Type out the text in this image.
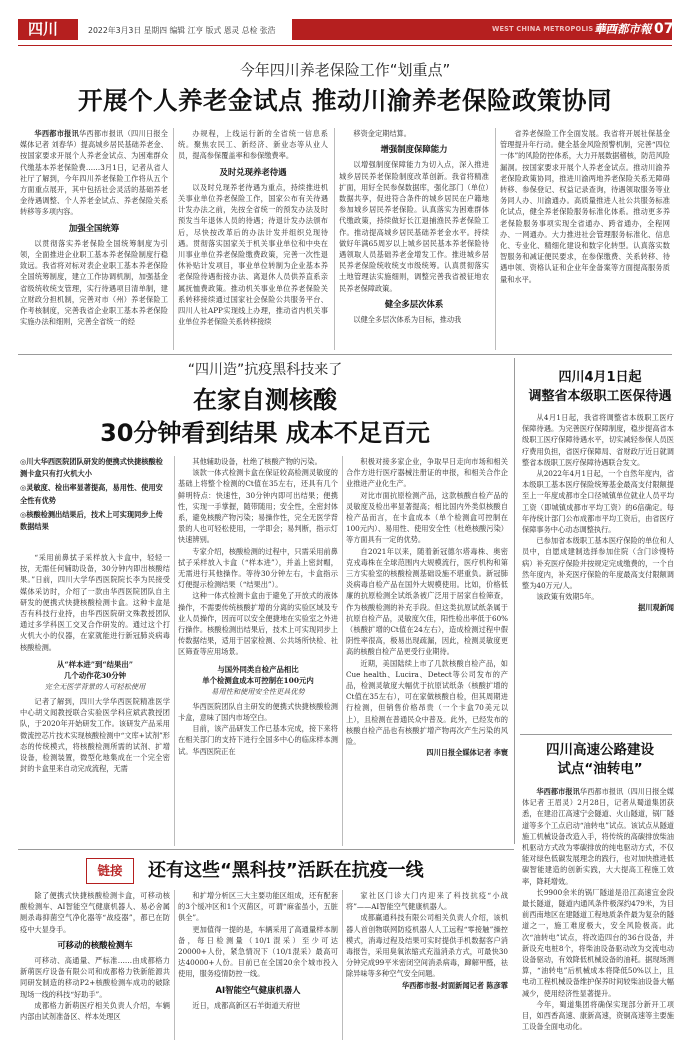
四川	2022年3月3日 星期四 编辑 江亨 版式 恩灵 总检 张浩	WEST CHINA METROPOLIS DAILY
華西都市報 07
今年四川养老保险工作“划重点”
开展个人养老金试点 推动川渝养老保险政策协同

华西都市报讯华西都市报讯（四川日报全媒体记者 刘春华）提高城乡居民基础养老金、按国家要求开展个人养老金试点、为困难群众代缴基本养老保险费……3月1日，记者从省人社厅了解到，今年四川养老保险工作将从五个方面重点展开，其中包括社会灵活的基础养老金待遇调整、个人养老金试点、养老保险关系转移等多项内容。

加强全国统筹

以贯彻落实养老保险全国统筹制度为引领，全面推进企业职工基本养老保险制度行稳致远。我省将对标对表企业职工基本养老保险全国统筹制度，建立工作协调机制，加强基金省级统收统支管理，实行待遇项目清单制，建立财政分担机制，完善对市（州）养老保险工作考核制度，完善我省企业职工基本养老保险实施办法和细则，完善全省统一的经

办规程，上线运行新的全省统一信息系统。聚焦农民工、新经济、新业态等从业人员，提高参保覆盖率和参保缴费率。

及时兑现养老待遇

以及时兑现养老待遇为重点，持续推进机关事业单位养老保险工作，国家公布有关待遇计发办法之前，先按全省统一的预发办法及时预发当年退休人员的待遇；待退计发办法颁布后，尽快按改革后的办法计发并组织兑现待遇。贯彻落实国家关于机关事业单位和中央在川事业单位养老保险缴费政策，完善一次性退休补贴计发项目，事业单位转制为企业基本养老保险待遇衔接办法、离退休人员供养直系亲属抚恤费政策。推动机关事业单位养老保险关系转移接续通过国家社会保险公共服务平台、四川人社APP实现线上办理，推动省内机关事业单位养老保险关系转移接续

移资金定期结算。

增强制度保障能力

以增强制度保障能力为切入点，深入推进城乡居民养老保险制度改革创新。我省将精准扩面，用好全民参保数据库，强化部门（单位）数据共享，促进符合条件的城乡居民在户籍地参加城乡居民养老保险。认真落实为困难群体代缴政策，持续做好长江退捕渔民养老保险工作。推动提高城乡居民基础养老金水平。持续做好年满65周岁以上城乡居民基本养老保险待遇领取人员基础养老金增发工作。推进城乡居民养老保险统收统支市级统筹。认真贯彻落实土地管理法实施细则，调整完善我省被征地农民养老保障政策。

健全多层次体系

以健全多层次体系为目标，推动我

省养老保险工作全面发展。我省将开展社保基金管理提升年行动。健全基金风险预警机制，完善“四位一体”的风险防控体系，大力开展数据稽核，防范风险漏洞。按国家要求开展个人养老金试点。推动川渝养老保险政策协同，推进川渝两地养老保险关系无障碍转移、参保登记、权益记录查询，待遇领取服务等业务同人办、川渝通办。高质量推进人社公共服务标准化试点，健全养老保险服务标准化体系。推动更多养老保险服务事项实现全省通办、跨省通办，全程网办、一网通办。大力推进社会管理服务标准化、信息化、专业化、精细化建设和数字化转型。认真落实数智服务和减证便民要求，在参保缴费、关系转移、待遇申领、资格认证和企业年金备案等方面提高服务质量和水平。

“四川造”抗疫黑科技来了
在家自测核酸
30分钟看到结果 成本不足百元
◎川大华西医院团队研发的便携式快捷核酸检测卡盒只有打火机大小
◎灵敏度、检出率显著提高，易用性、使用安全性有优势
◎核酸检测出结果后，技术上可实现同步上传数据结果

“采用前鼻拭子采样放入卡盒中，轻轻一按，无需任何辅助设备，30分钟内即出核酸结果。”日前，四川大学华西医院院长李为民接受媒体采访时，介绍了一款由华西医院团队自主研发的便携式快捷核酸检测卡盒。这种卡盒是否有科技行业持，由华西医院研文殊教授团队通过多学科医工交叉合作研发的。通过这个打火机大小的仪器，在家就能进行新冠肺炎病毒核酸检测。

从“样本进”到“结果出”
几个动作花30分钟
完全无医学背景的人可轻松使用

记者了解到，四川大学华西医院精准医学中心胡文闻教授联合实验医学科应斌武教授团队，于2020年开始研发工作。该研发产品采用微流控芯片技术实现核酸检测中“文库+试剂”形态的传统模式，将核酸检测所需的试剂、扩增设备，检测装置，微型化地集成在一个完全密封的卡盒里来自动完成流程，无需

其他辅助设备，杜绝了核酸产物的污染。

该款一体式检测卡盒在保证较高检测灵敏度的基础上将整个检测的Ct值在35左右，还具有几个鲜明特点：快速性，30分钟内即可出结果；便携性，实现一手掌握，随带随用；安全性，全密封体系，避免核酸产物污染；易操作性，完全无医学背景的人也可轻松使用，一学即会；易判断，指示灯快速辨别。

专家介绍，核酸检测的过程中，只需采用前鼻拭子采样放入卡盒（“样本进”），并盖上密封帽，无需进行其他操作。等待30分钟左右，卡盒指示灯便提示检测结果（“结果出”）。

这种一体式检测卡盒由于避免了开放式的液体操作，不需要传统核酸扩增的分离的实验区域及专业人员操作，因而可以安全便捷地在实验室之外进行操作。核酸检测出结果后，技术上可实现同步上传数据结果，适用于居家检测、公共场所快检、社区筛查等应用场景。

与国外同类自检产品相比
单个检测盒成本可控制在100元内
易用性和使用安全性更具优势

华西医院团队自主研发的便携式快捷核酸检测卡盒，意味了国内市场空白。

目前，该产品研发工作已基本完成，接下来将在相关部门的支持下进行全国多中心的临床样本测试。华西医院正在

积极对接多家企业，争取早日走向市场和相关合作方进行医疗器械注册证的申报，和相关合作企业推进产业化生产。

对比市面抗原检测产品，这款核酸自检产品的灵敏度及检出率显著提高；相比国内外类似核酸自检产品而言，在卡盒成本（单个检测盒可控制在100元内）、易用性、使用安全性（杜绝核酸污染）等方面具有一定的优势。

自2021年以来，随着新冠德尔塔毒株、奥密克戎毒株在全球范围内大规模流行，医疗机构和第三方实验室的核酸检测基础设施不堪重负。新冠肺炎病毒自检产品在国外大规模使用。比如，价格低廉的抗原检测全试纸条被广泛用于居家自检筛查，作为核酸检测的补充手段。但这类抗原试纸条属于抗原自检产品，灵敏度欠佳，阳性检出率低于60%（核酸扩增的Ct值在24左右），造成检测过程中假阴性率很高，极易出现疏漏，因此，检测灵敏度更高的核酸自检产品更受行业期待。

近期，美国陆续上市了几款核酸自检产品，如Cue health、Lucira、Detect等公司发布的产品，检测灵敏度大幅优于抗原试纸条（核酸扩增的Ct值在35左右），可在家做核酸自检，但其周期进行检测，但销售价格昂贵（一个卡盒70美元以上），且检测在普通民众中普及。此外，已经发布的核酸自检产品也有核酸扩增产物再次产生污染的风险。

四川日报全媒体记者 李寰
四川4月1日起
调整省本级职工医保待遇

从4月1日起，我省将调整省本级职工医疗保障待遇。为完善医疗保障制度，稳步提高省本级职工医疗保障待遇水平，切实减轻参保人员医疗费用负担，省医疗保障局、省财政厅近日就调整省本级职工医疗保障待遇联合发文。

从2022年4月1日起，一个自然年度内，省本级职工基本医疗保险统筹基金最高支付限额提至上一年度成都市全口径城镇单位就业人员平均工资（即城镇成都市平均工资）的6倍确定。每年待统计部门公布成都市平均工资后，由省医疗保障事务中心动态调整执行。

已参加省本级职工基本医疗保险的单位和人员中，自愿成建制选择参加住院（含门诊慢特病）补充医疗保险并按规定完成缴费的，一个自然年度内，补充医疗保险的年度最高支付限额调整为40万元/人。

该政策有效期5年。

据川观新闻
四川高速公路建设
试点“油转电”

华西都市报讯华西都市报讯（四川日报全媒体记者 王眉灵）2月28日，记者从蜀道集团获悉，在建沿江高速宁会隧道、火山隧道，锅厂隧道等多个工点启动“油转电”试点。该试点从隧道施工机械设备改造入手，将传统的高碳排放柴油机驱动方式改为零碳排放的纯电驱动方式，不仅能对绿色低碳发展理念的践行，也对加快推进低碳智能建造的创新实践，大大提高工程施工效率，降耗增效。

长9900余米的锅厂隧道是沿江高速宜金段最长隧道，隧道内通风条件极深约479米，为目前西南地区在建隧道工程地质条件最为复杂的隧道之一，施工难度极大，安全风险极高。此次“油转电”试点，将改造四台的36台设备，并新设充电桩8个，将柴油设备驱动改为交流电动设备驱动，有效降低机械设备的油耗。据现场测算，“油转电”后机械成本将降低50%以上，且电动工程机械设备维护保养时间较柴油设备大幅减少，使用经济性显著提升。

今年，蜀道集团将确保实现部分新开工项目，如西香高速、康新高速，资铜高速等主要施工设备全面电动化。

链接	还有这些“黑科技”活跃在抗疫一线

除了便携式快捷核酸检测卡盒，可移动核酸检测车、AI智能空气健康机器人、易必舍属厕杀毒抑菌空气净化器等“战疫器”，都已在防疫中大显身手。

可移动的核酸检测车

可移动、高通量、严标准……由成都格力新萌医疗设备有限公司和成都格力铁新能源共同研发制造的移动P2+核酸检测车成功的破除现场一线的科技“好助手”。

成都格力新萌医疗相关负责人介绍，车辆内部由试剂准备区、样本处理区

和扩增分析区三大主要功能区组成，还有配套的3个缓冲区和1个灭菌区，可谓“麻雀虽小，五脏俱全”。

更加值得一提的是，车辆采用了高通量样本制备，每日检测量（10/1混采）至少可达20000+人份，紧急情况下（10/1混采）最高可达40000+人份。目前已在全国20余个城市投入使用，服务疫情防控一线。

AI智能空气健康机器人

近日，成都高新区石羊街道天府世

家社区门诊大门内迎来了科技抗疫“小战将”——AI智能空气健康机器人。

成都赢通科技有限公司相关负责人介绍，该机器人首创物联网防疫机器人人工远程“零接触”操控模式，消毒过程及结果可实时提供手机数据客户消毒报告，采用臭氧浓缩式充溢消杀方式，可最快30分钟完成99平米密闭空间消杀病毒，蹿解甲醛，祛除异味等多种空气安全问题。

华西都市报-封面新闻记者 陈彦霏
